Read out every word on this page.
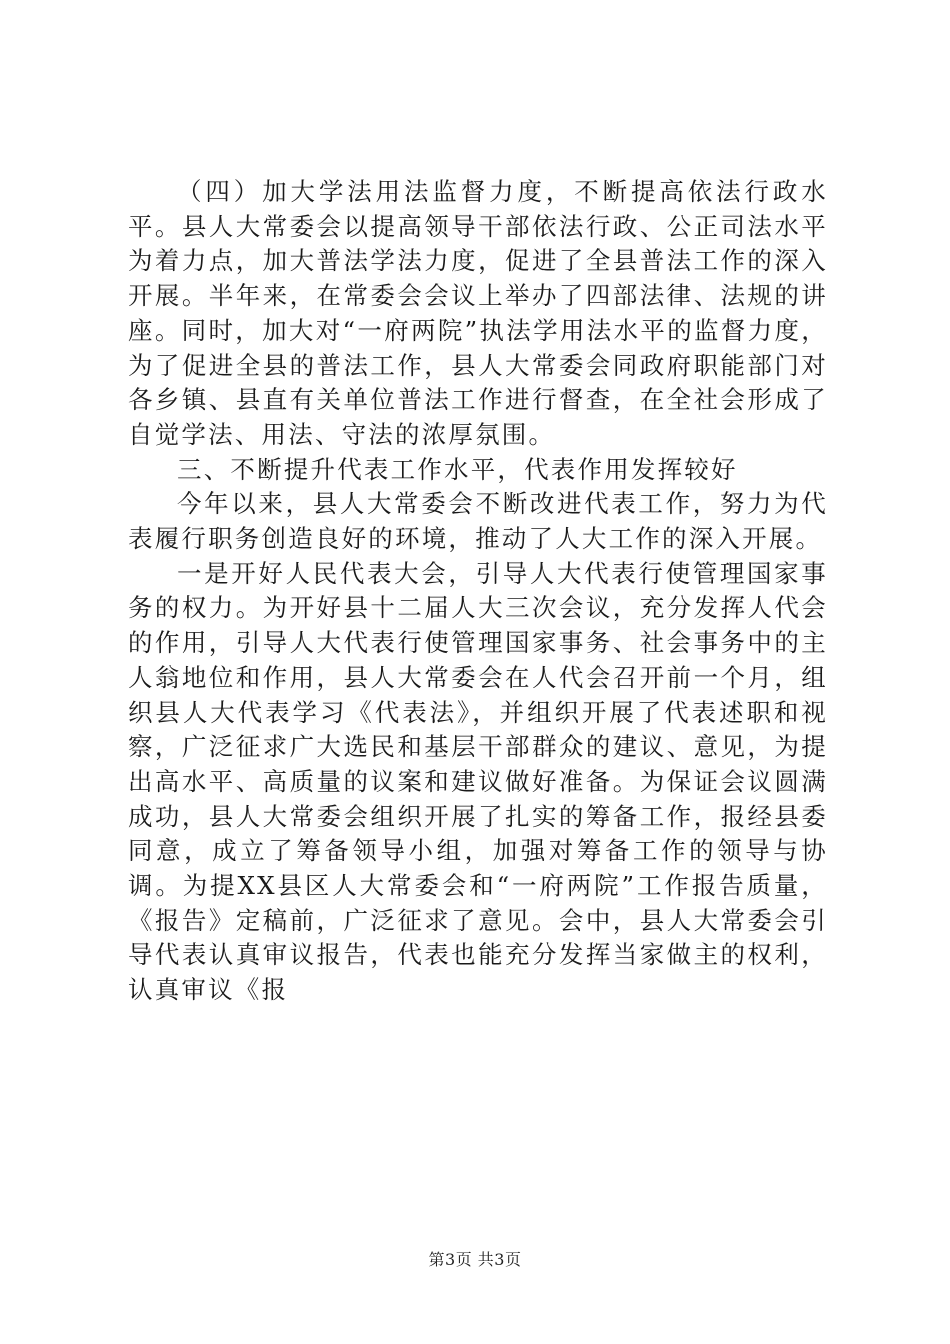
（四）加大学法用法监督力度，不断提高依法行政水平。县人大常委会以提高领导干部依法行政、公正司法水平为着力点，加大普法学法力度，促进了全县普法工作的深入开展。半年来，在常委会会议上举办了四部法律、法规的讲座。同时，加大对“一府两院”执法学用法水平的监督力度，为了促进全县的普法工作，县人大常委会同政府职能部门对各乡镇、县直有关单位普法工作进行督查，在全社会形成了自觉学法、用法、守法的浓厚氛围。

三、不断提升代表工作水平，代表作用发挥较好

今年以来，县人大常委会不断改进代表工作，努力为代表履行职务创造良好的环境，推动了人大工作的深入开展。

一是开好人民代表大会，引导人大代表行使管理国家事务的权力。为开好县十二届人大三次会议，充分发挥人代会的作用，引导人大代表行使管理国家事务、社会事务中的主人翁地位和作用，县人大常委会在人代会召开前一个月，组织县人大代表学习《代表法》，并组织开展了代表述职和视察，广泛征求广大选民和基层干部群众的建议、意见，为提出高水平、高质量的议案和建议做好准备。为保证会议圆满成功，县人大常委会组织开展了扎实的筹备工作，报经县委同意，成立了筹备领导小组，加强对筹备工作的领导与协调。为提XX县区人大常委会和“一府两院”工作报告质量，《报告》定稿前，广泛征求了意见。会中，县人大常委会引导代表认真审议报告，代表也能充分发挥当家做主的权利，认真审议《报

第3页 共3页
